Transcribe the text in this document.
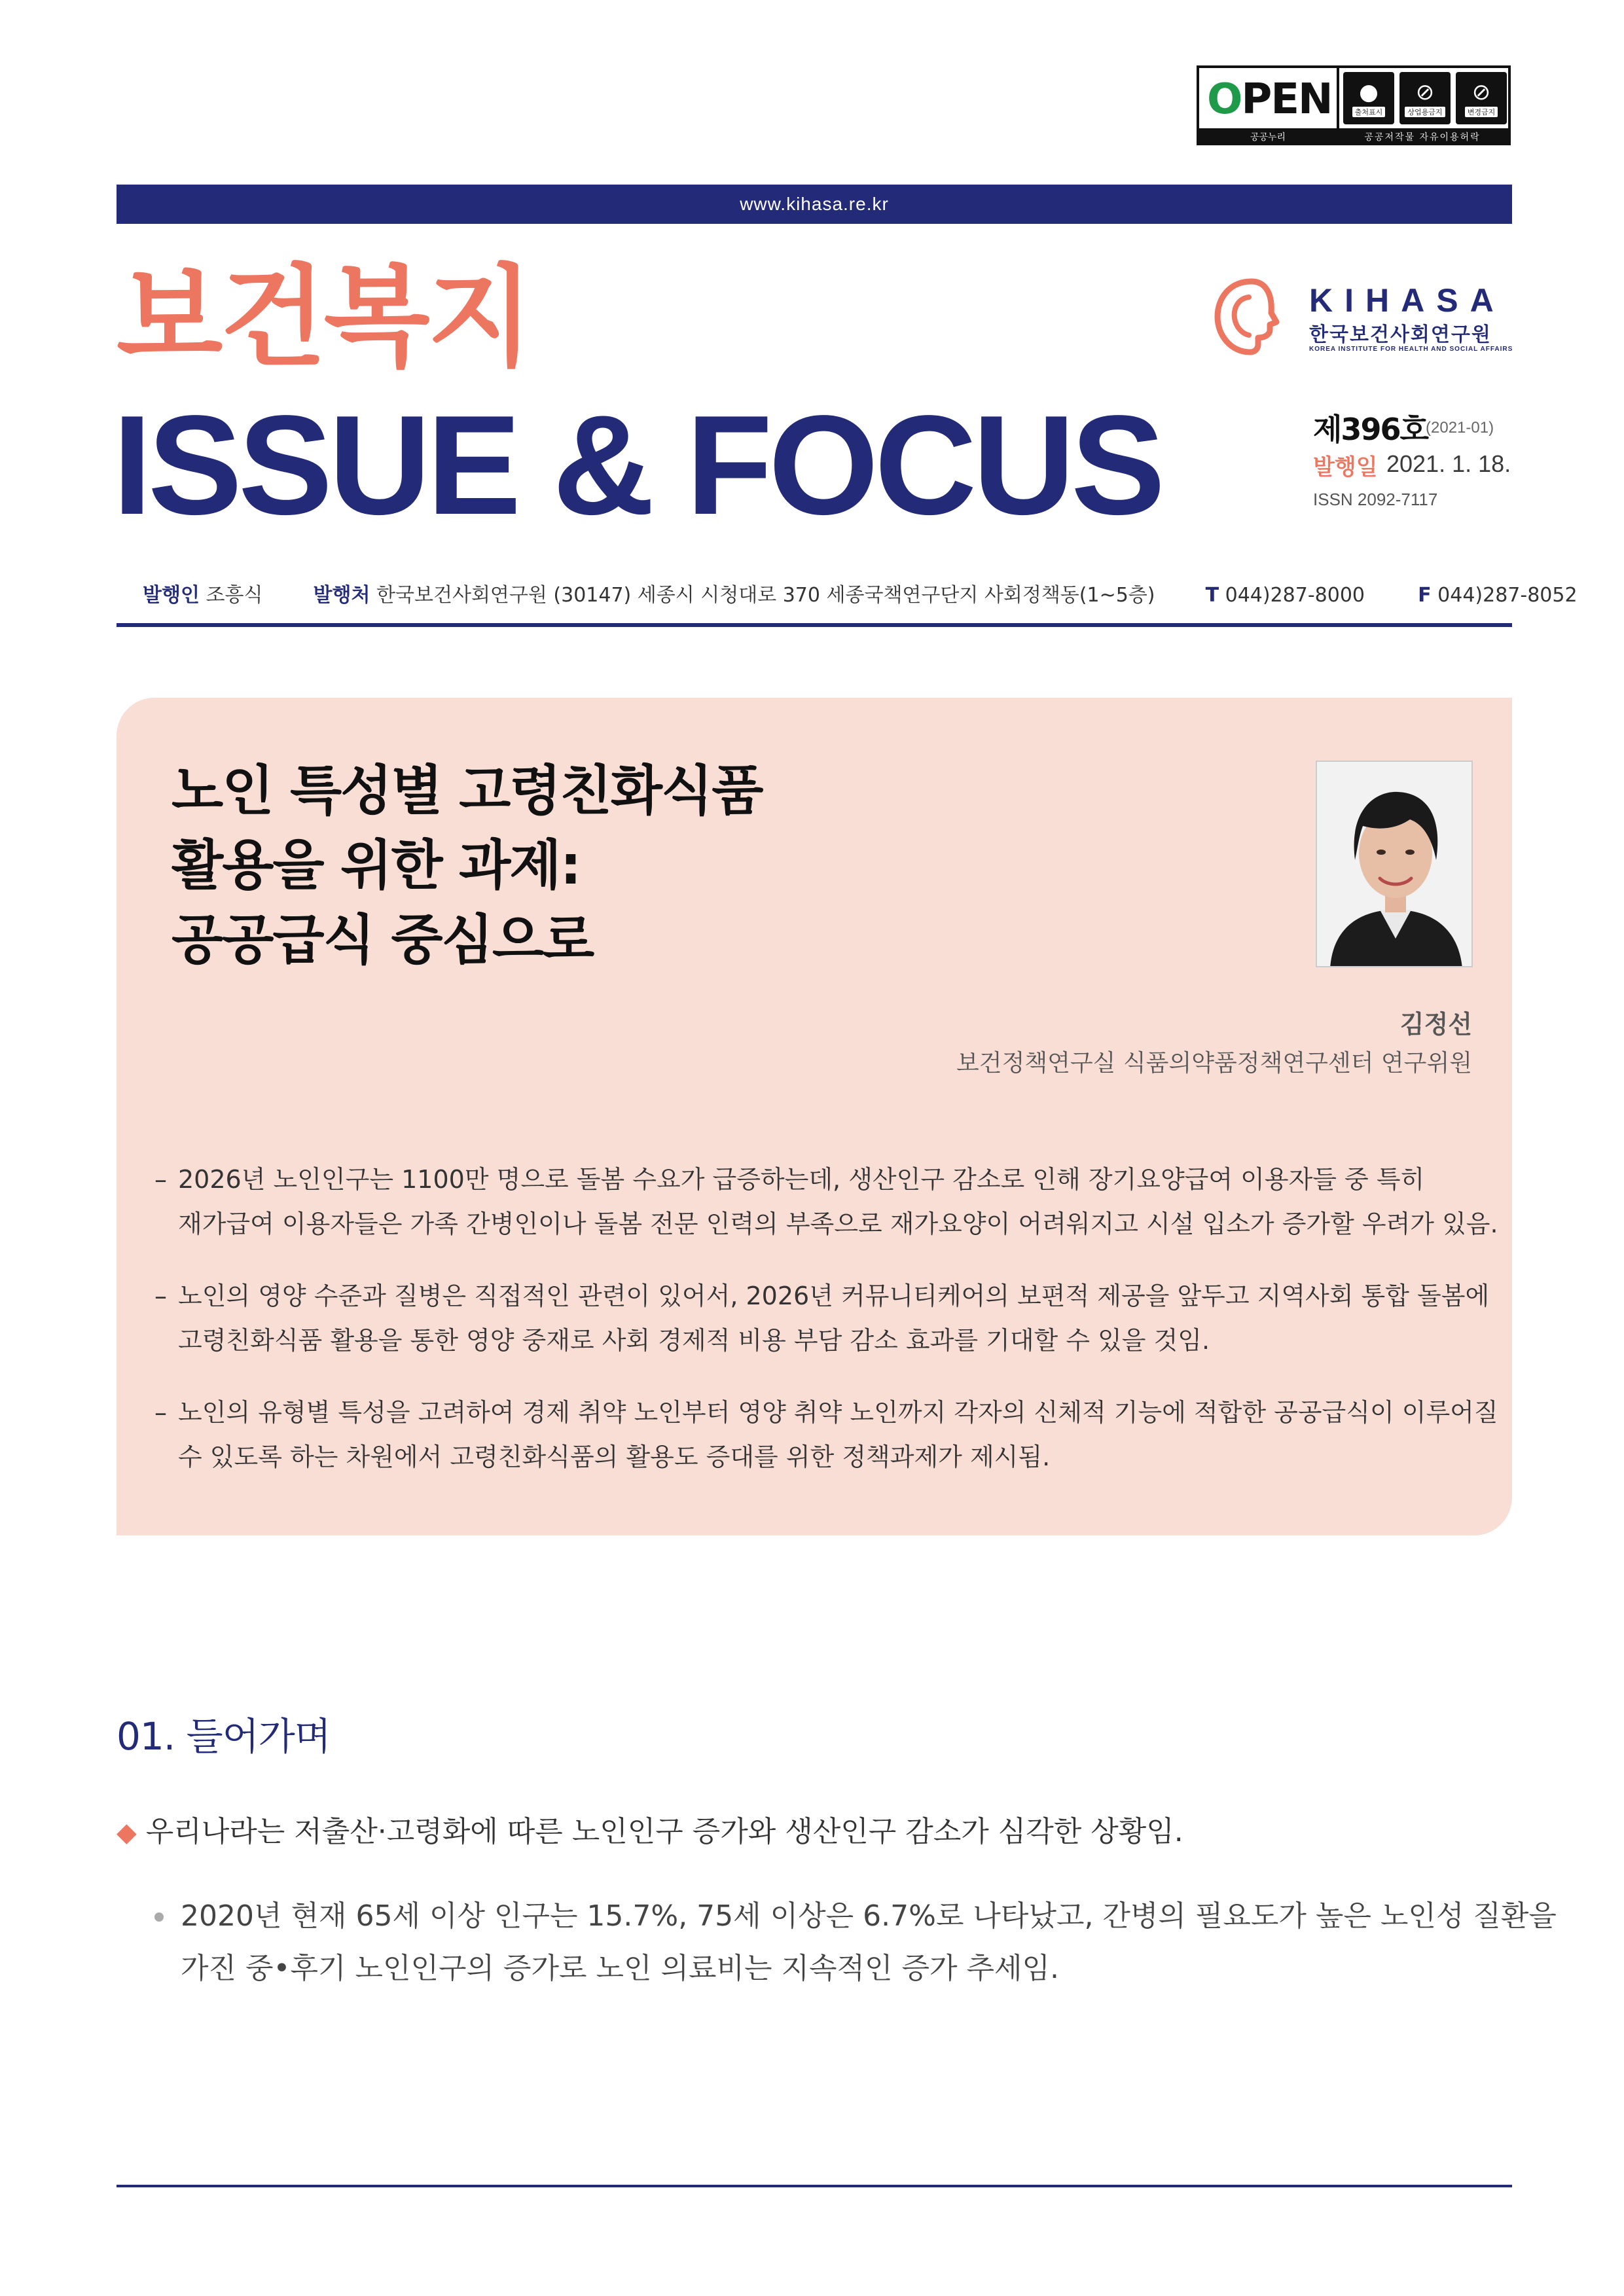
OPEN ●
출처표시
⊘
상업용금지
⊘
변경금지
공공누리	공공저작물 자유이용허락
www.kihasa.re.kr
보건복지
ISSUE & FOCUS
KIHASA
한국보건사회연구원
KOREA INSTITUTE FOR HEALTH AND SOCIAL AFFAIRS
제396호
(2021-01)
발행일 2021. 1. 18.
ISSN 2092-7117
발행인 조흥식	발행처 한국보건사회연구원 (30147) 세종시 시청대로 370 세종국책연구단지 사회정책동(1~5층)	T 044)287-8000	F 044)287-8052
노인 특성별 고령친화식품
활용을 위한 과제:
공공급식 중심으로
김정선
보건정책연구실 식품의약품정책연구센터 연구위원
– 2026년 노인인구는 1100만 명으로 돌봄 수요가 급증하는데, 생산인구 감소로 인해 장기요양급여 이용자들 중 특히
재가급여 이용자들은 가족 간병인이나 돌봄 전문 인력의 부족으로 재가요양이 어려워지고 시설 입소가 증가할 우려가 있음.
– 노인의 영양 수준과 질병은 직접적인 관련이 있어서, 2026년 커뮤니티케어의 보편적 제공을 앞두고 지역사회 통합 돌봄에
고령친화식품 활용을 통한 영양 중재로 사회 경제적 비용 부담 감소 효과를 기대할 수 있을 것임.
– 노인의 유형별 특성을 고려하여 경제 취약 노인부터 영양 취약 노인까지 각자의 신체적 기능에 적합한 공공급식이 이루어질
수 있도록 하는 차원에서 고령친화식품의 활용도 증대를 위한 정책과제가 제시됨.
01. 들어가며
◆ 우리나라는 저출산·고령화에 따른 노인인구 증가와 생산인구 감소가 심각한 상황임.
2020년 현재 65세 이상 인구는 15.7%, 75세 이상은 6.7%로 나타났고, 간병의 필요도가 높은 노인성 질환을
가진 중•후기 노인인구의 증가로 노인 의료비는 지속적인 증가 추세임.
